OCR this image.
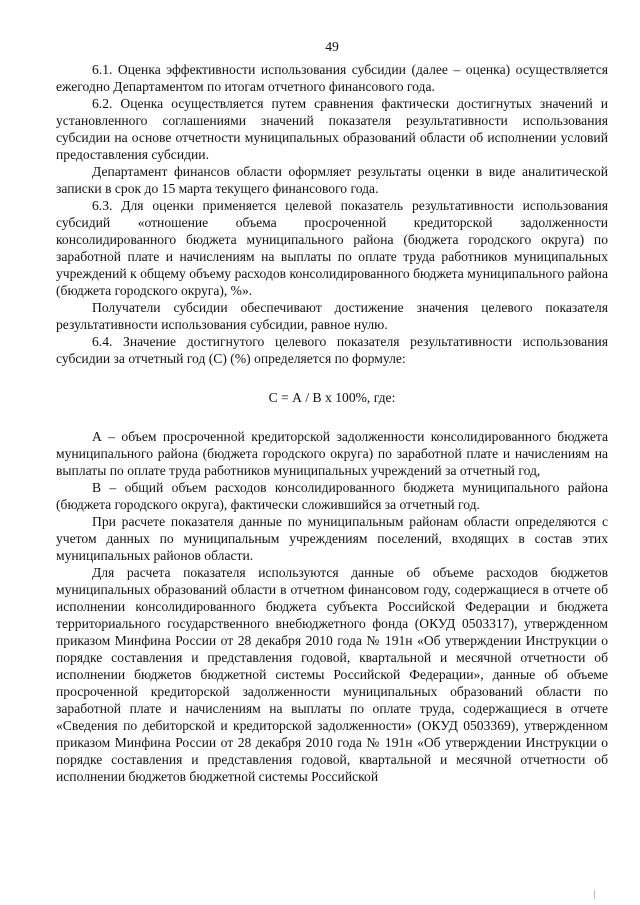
49

6.1. Оценка эффективности использования субсидии (далее – оценка) осуществляется ежегодно Департаментом по итогам отчетного финансового года.

6.2. Оценка осуществляется путем сравнения фактически достигнутых значений и установленного соглашениями значений показателя результативности использования субсидии на основе отчетности муниципальных образований области об исполнении условий предоставления субсидии.

Департамент финансов области оформляет результаты оценки в виде аналитической записки в срок до 15 марта текущего финансового года.

6.3. Для оценки применяется целевой показатель результативности использования субсидий «отношение объема просроченной кредиторской задолженности консолидированного бюджета муниципального района (бюджета городского округа) по заработной плате и начислениям на выплаты по оплате труда работников муниципальных учреждений к общему объему расходов консолидированного бюджета муниципального района (бюджета городского округа), %».

Получатели субсидии обеспечивают достижение значения целевого показателя результативности использования субсидии, равное нулю.

6.4. Значение достигнутого целевого показателя результативности использования субсидии за отчетный год (С) (%) определяется по формуле:

С = А / В х 100%, где:

А – объем просроченной кредиторской задолженности консолидированного бюджета муниципального района (бюджета городского округа) по заработной плате и начислениям на выплаты по оплате труда работников муниципальных учреждений за отчетный год,

В – общий объем расходов консолидированного бюджета муниципального района (бюджета городского округа), фактически сложившийся за отчетный год.

При расчете показателя данные по муниципальным районам области определяются с учетом данных по муниципальным учреждениям поселений, входящих в состав этих муниципальных районов области.

Для расчета показателя используются данные об объеме расходов бюджетов муниципальных образований области в отчетном финансовом году, содержащиеся в отчете об исполнении консолидированного бюджета субъекта Российской Федерации и бюджета территориального государственного внебюджетного фонда (ОКУД 0503317), утвержденном приказом Минфина России от 28 декабря 2010 года № 191н «Об утверждении Инструкции о порядке составления и представления годовой, квартальной и месячной отчетности об исполнении бюджетов бюджетной системы Российской Федерации», данные об объеме просроченной кредиторской задолженности муниципальных образований области по заработной плате и начислениям на выплаты по оплате труда, содержащиеся в отчете «Сведения по дебиторской и кредиторской задолженности» (ОКУД 0503369), утвержденном приказом Минфина России от 28 декабря 2010 года № 191н «Об утверждении Инструкции о порядке составления и представления годовой, квартальной и месячной отчетности об исполнении бюджетов бюджетной системы Российской
